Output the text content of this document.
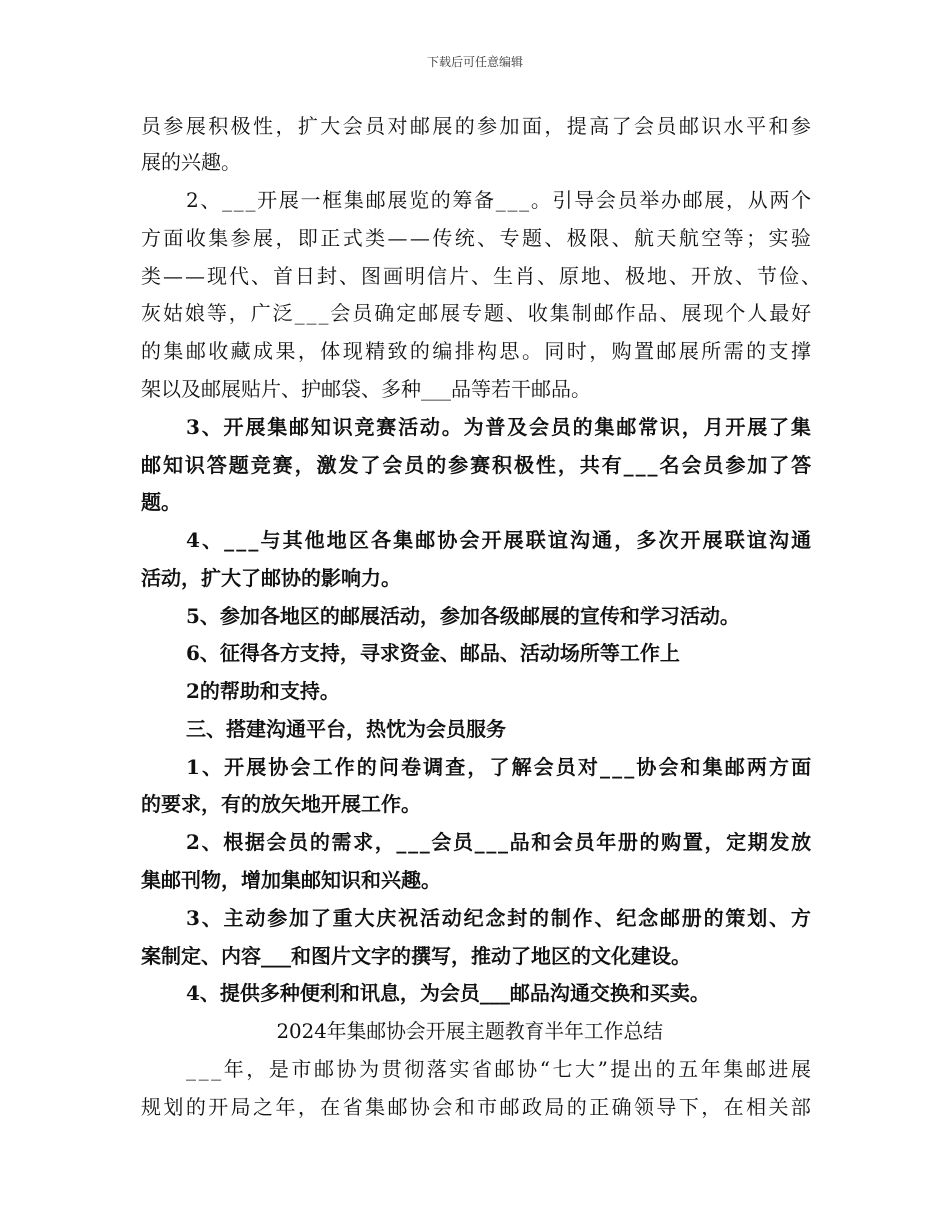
下载后可任意编辑
员参展积极性，扩大会员对邮展的参加面，提高了会员邮识水平和参
展的兴趣。
2、___开展一框集邮展览的筹备___。引导会员举办邮展，从两个
方面收集参展，即正式类——传统、专题、极限、航天航空等；实验
类——现代、首日封、图画明信片、生肖、原地、极地、开放、节俭、
灰姑娘等，广泛___会员确定邮展专题、收集制邮作品、展现个人最好
的集邮收藏成果，体现精致的编排构思。同时，购置邮展所需的支撑
架以及邮展贴片、护邮袋、多种___品等若干邮品。
3、开展集邮知识竞赛活动。为普及会员的集邮常识，月开展了集
邮知识答题竞赛，激发了会员的参赛积极性，共有___名会员参加了答
题。
4、___与其他地区各集邮协会开展联谊沟通，多次开展联谊沟通
活动，扩大了邮协的影响力。
5、参加各地区的邮展活动，参加各级邮展的宣传和学习活动。
6、征得各方支持，寻求资金、邮品、活动场所等工作上
2的帮助和支持。
三、搭建沟通平台，热忱为会员服务
1、开展协会工作的问卷调查，了解会员对___协会和集邮两方面
的要求，有的放矢地开展工作。
2、根据会员的需求，___会员___品和会员年册的购置，定期发放
集邮刊物，增加集邮知识和兴趣。
3、主动参加了重大庆祝活动纪念封的制作、纪念邮册的策划、方
案制定、内容___和图片文字的撰写，推动了地区的文化建设。
4、提供多种便利和讯息，为会员___邮品沟通交换和买卖。
2024年集邮协会开展主题教育半年工作总结
___年，是市邮协为贯彻落实省邮协“七大”提出的五年集邮进展
规划的开局之年，在省集邮协会和市邮政局的正确领导下，在相关部
